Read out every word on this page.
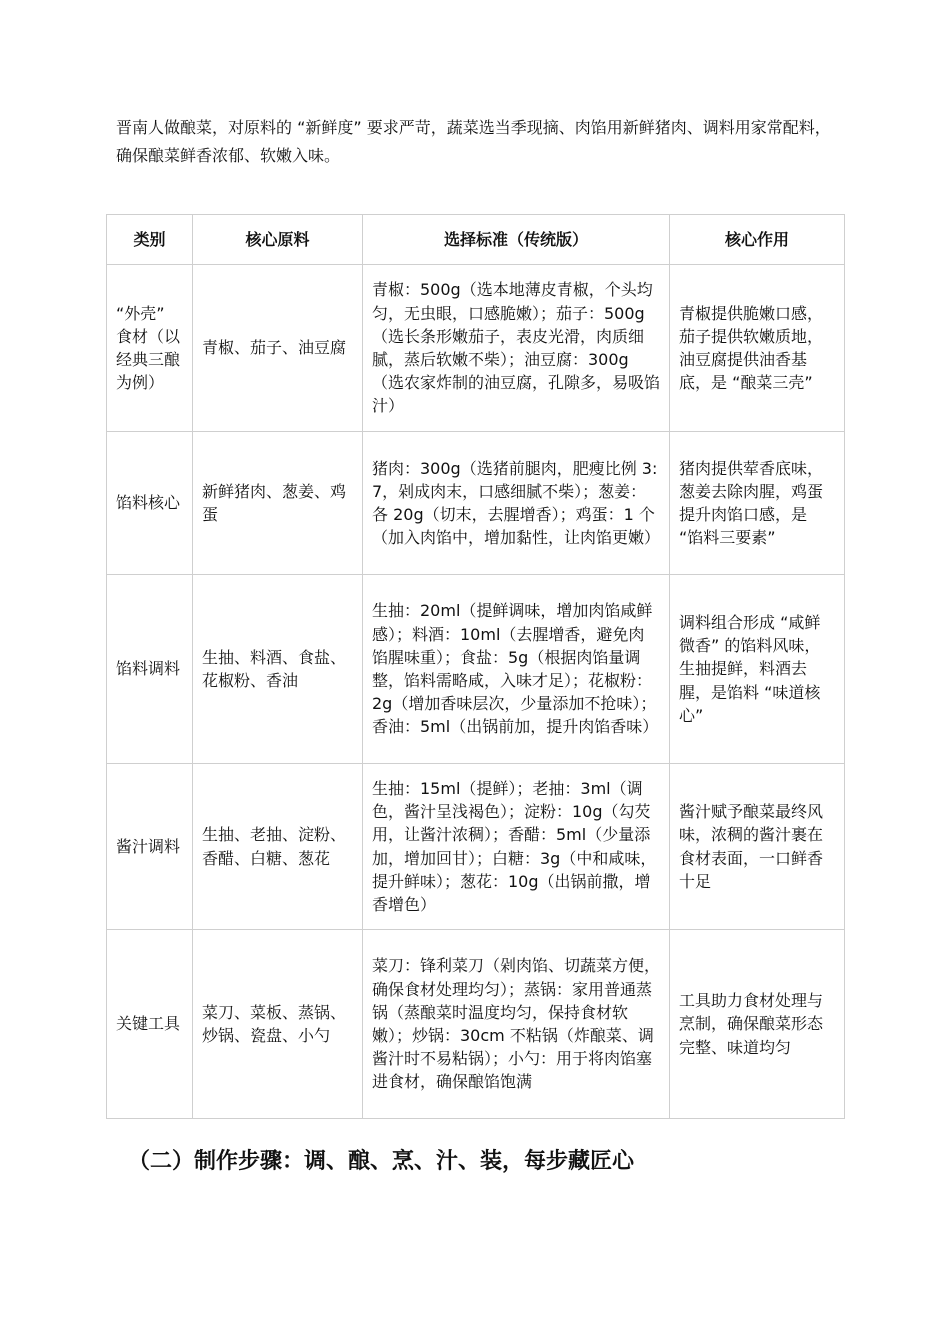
晋南人做酿菜，对原料的 “新鲜度” 要求严苛，蔬菜选当季现摘、肉馅用新鲜猪肉、调料用家常配料，确保酿菜鲜香浓郁、软嫩入味。

类别	核心原料	选择标准（传统版）	核心作用
“外壳” 食材（以经典三酿为例）	青椒、茄子、油豆腐	青椒：500g（选本地薄皮青椒，个头均匀，无虫眼，口感脆嫩）；茄子：500g（选长条形嫩茄子，表皮光滑，肉质细腻，蒸后软嫩不柴）；油豆腐：300g（选农家炸制的油豆腐，孔隙多，易吸馅汁）	青椒提供脆嫩口感，茄子提供软嫩质地，油豆腐提供油香基底，是 “酿菜三壳”
馅料核心	新鲜猪肉、葱姜、鸡蛋	猪肉：300g（选猪前腿肉，肥瘦比例 3:7，剁成肉末，口感细腻不柴）；葱姜：各 20g（切末，去腥增香）；鸡蛋：1 个（加入肉馅中，增加黏性，让肉馅更嫩）	猪肉提供荤香底味，葱姜去除肉腥，鸡蛋提升肉馅口感，是 “馅料三要素”
馅料调料	生抽、料酒、食盐、花椒粉、香油	生抽：20ml（提鲜调味，增加肉馅咸鲜感）；料酒：10ml（去腥增香，避免肉馅腥味重）；食盐：5g（根据肉馅量调整，馅料需略咸，入味才足）；花椒粉：2g（增加香味层次，少量添加不抢味）；香油：5ml（出锅前加，提升肉馅香味）	调料组合形成 “咸鲜微香” 的馅料风味，生抽提鲜，料酒去腥，是馅料 “味道核心”
酱汁调料	生抽、老抽、淀粉、香醋、白糖、葱花	生抽：15ml（提鲜）；老抽：3ml（调色，酱汁呈浅褐色）；淀粉：10g（勾芡用，让酱汁浓稠）；香醋：5ml（少量添加，增加回甘）；白糖：3g（中和咸味，提升鲜味）；葱花：10g（出锅前撒，增香增色）	酱汁赋予酿菜最终风味，浓稠的酱汁裹在食材表面，一口鲜香十足
关键工具	菜刀、菜板、蒸锅、炒锅、瓷盘、小勺	菜刀：锋利菜刀（剁肉馅、切蔬菜方便，确保食材处理均匀）；蒸锅：家用普通蒸锅（蒸酿菜时温度均匀，保持食材软嫩）；炒锅：30cm 不粘锅（炸酿菜、调酱汁时不易粘锅）；小勺：用于将肉馅塞进食材，确保酿馅饱满	工具助力食材处理与烹制，确保酿菜形态完整、味道均匀
（二）制作步骤：调、酿、烹、汁、装，每步藏匠心
